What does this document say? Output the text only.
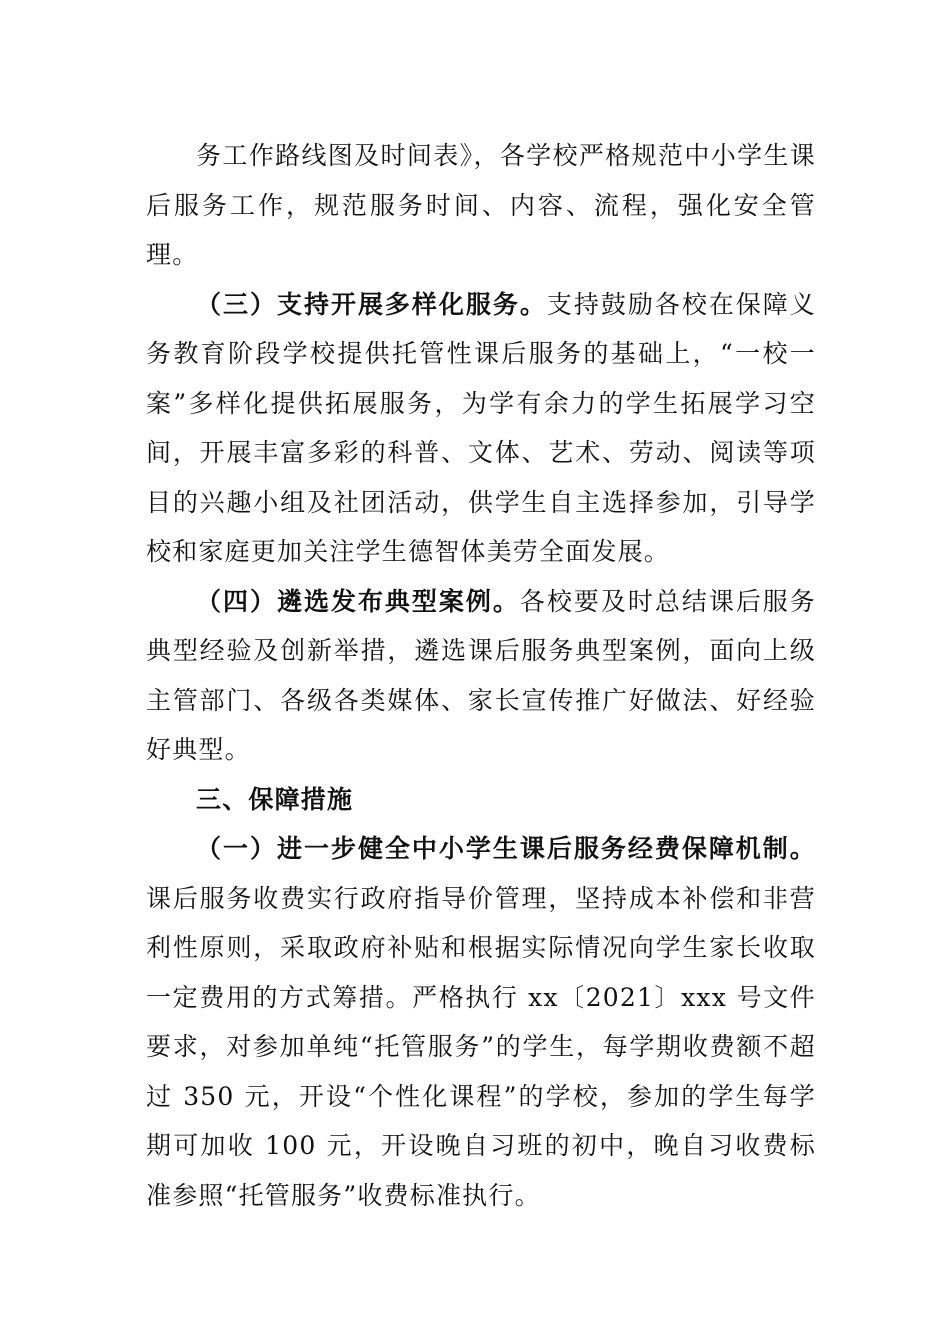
务工作路线图及时间表》，各学校严格规范中小学生课后服务工作，规范服务时间、内容、流程，强化安全管理。

（三）支持开展多样化服务。支持鼓励各校在保障义务教育阶段学校提供托管性课后服务的基础上，“一校一案”多样化提供拓展服务，为学有余力的学生拓展学习空间，开展丰富多彩的科普、文体、艺术、劳动、阅读等项目的兴趣小组及社团活动，供学生自主选择参加，引导学校和家庭更加关注学生德智体美劳全面发展。

（四）遴选发布典型案例。各校要及时总结课后服务典型经验及创新举措，遴选课后服务典型案例，面向上级主管部门、各级各类媒体、家长宣传推广好做法、好经验好典型。

三、保障措施

（一）进一步健全中小学生课后服务经费保障机制。课后服务收费实行政府指导价管理，坚持成本补偿和非营利性原则，采取政府补贴和根据实际情况向学生家长收取一定费用的方式筹措。严格执行 xx〔2021〕xxx 号文件要求，对参加单纯“托管服务”的学生，每学期收费额不超过 350 元，开设“个性化课程”的学校，参加的学生每学期可加收 100 元，开设晚自习班的初中，晚自习收费标准参照“托管服务”收费标准执行。
